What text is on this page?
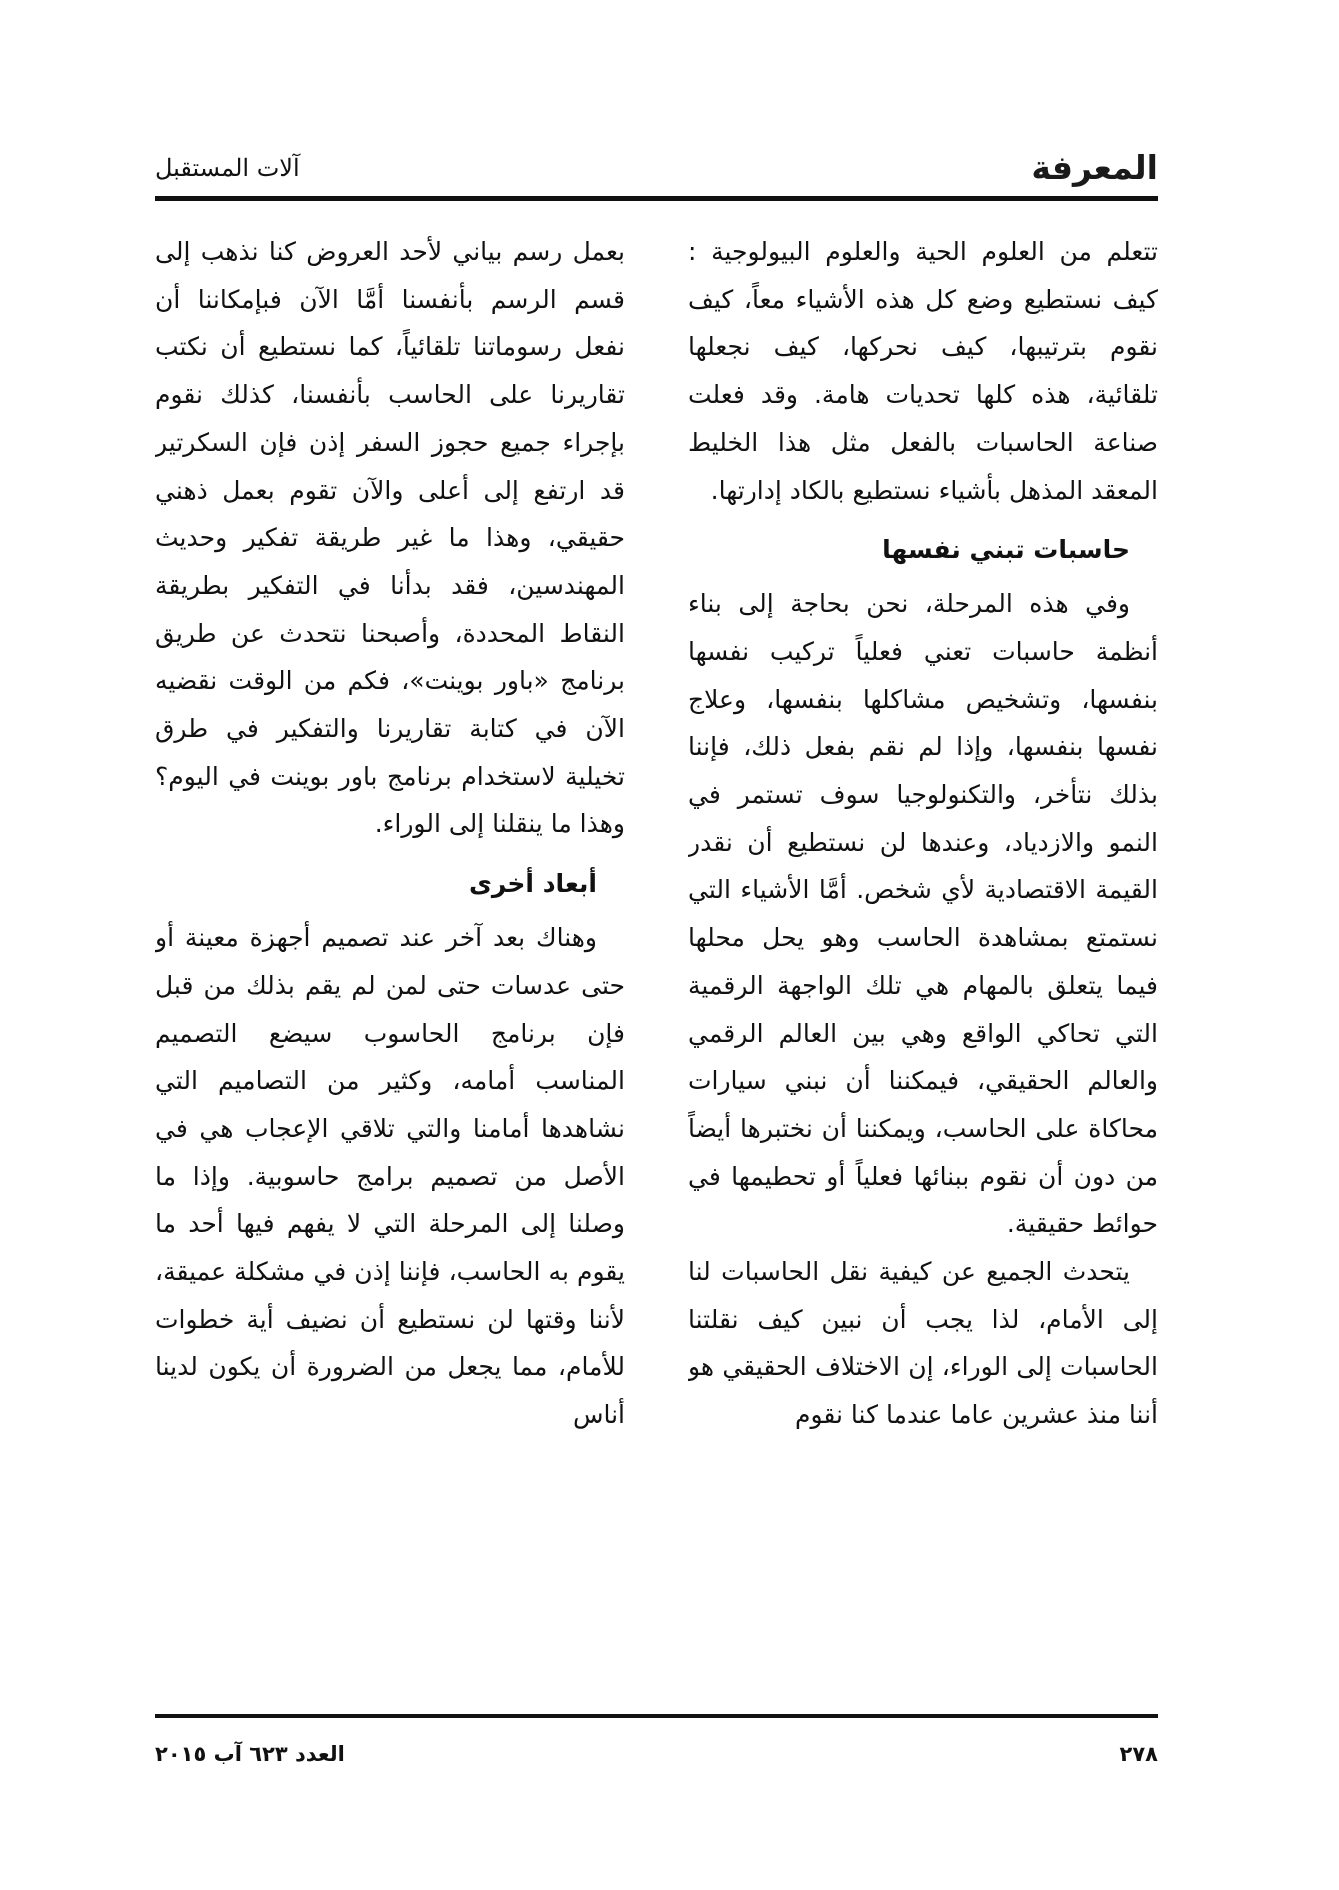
المعرفة
آلات المستقبل

تتعلم من العلوم الحية والعلوم البيولوجية : كيف نستطيع وضع كل هذه الأشياء معاً، كيف نقوم بترتيبها، كيف نحركها، كيف نجعلها تلقائية، هذه كلها تحديات هامة. وقد فعلت صناعة الحاسبات بالفعل مثل هذا الخليط المعقد المذهل بأشياء نستطيع بالكاد إدارتها.

حاسبات تبني نفسها

وفي هذه المرحلة، نحن بحاجة إلى بناء أنظمة حاسبات تعني فعلياً تركيب نفسها بنفسها، وتشخيص مشاكلها بنفسها، وعلاج نفسها بنفسها، وإذا لم نقم بفعل ذلك، فإننا بذلك نتأخر، والتكنولوجيا سوف تستمر في النمو والازدياد، وعندها لن نستطيع أن نقدر القيمة الاقتصادية لأي شخص. أمَّا الأشياء التي نستمتع بمشاهدة الحاسب وهو يحل محلها فيما يتعلق بالمهام هي تلك الواجهة الرقمية التي تحاكي الواقع وهي بين العالم الرقمي والعالم الحقيقي، فيمكننا أن نبني سيارات محاكاة على الحاسب، ويمكننا أن نختبرها أيضاً من دون أن نقوم ببنائها فعلياً أو تحطيمها في حوائط حقيقية.

يتحدث الجميع عن كيفية نقل الحاسبات لنا إلى الأمام، لذا يجب أن نبين كيف نقلتنا الحاسبات إلى الوراء، إن الاختلاف الحقيقي هو أننا منذ عشرين عاما عندما كنا نقوم

بعمل رسم بياني لأحد العروض كنا نذهب إلى قسم الرسم بأنفسنا أمَّا الآن فبإمكاننا أن نفعل رسوماتنا تلقائياً، كما نستطيع أن نكتب تقاريرنا على الحاسب بأنفسنا، كذلك نقوم بإجراء جميع حجوز السفر إذن فإن السكرتير قد ارتفع إلى أعلى والآن تقوم بعمل ذهني حقيقي، وهذا ما غير طريقة تفكير وحديث المهندسين، فقد بدأنا في التفكير بطريقة النقاط المحددة، وأصبحنا نتحدث عن طريق برنامج «باور بوينت»، فكم من الوقت نقضيه الآن في كتابة تقاريرنا والتفكير في طرق تخيلية لاستخدام برنامج باور بوينت في اليوم؟ وهذا ما ينقلنا إلى الوراء.

أبعاد أخرى

وهناك بعد آخر عند تصميم أجهزة معينة أو حتى عدسات حتى لمن لم يقم بذلك من قبل فإن برنامج الحاسوب سيضع التصميم المناسب أمامه، وكثير من التصاميم التي نشاهدها أمامنا والتي تلاقي الإعجاب هي في الأصل من تصميم برامج حاسوبية. وإذا ما وصلنا إلى المرحلة التي لا يفهم فيها أحد ما يقوم به الحاسب، فإننا إذن في مشكلة عميقة، لأننا وقتها لن نستطيع أن نضيف أية خطوات للأمام، مما يجعل من الضرورة أن يكون لدينا أناس

٢٧٨
العدد ٦٢٣ آب ٢٠١٥
